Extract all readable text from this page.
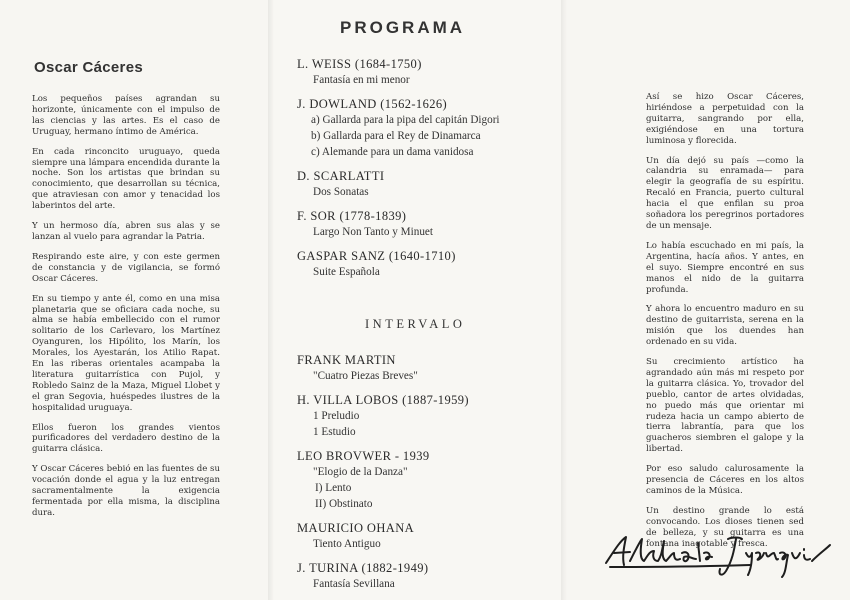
Oscar Cáceres

Los pequeños países agrandan su horizonte, únicamente con el impulso de las ciencias y las artes. Es el caso de Uruguay, hermano íntimo de América.

En cada rinconcito uruguayo, queda siempre una lámpara encendida durante la noche. Son los artistas que brindan su conocimiento, que desarrollan su técnica, que atraviesan con amor y tenacidad los laberintos del arte.

Y un hermoso día, abren sus alas y se lanzan al vuelo para agrandar la Patria.

Respirando este aire, y con este germen de constancia y de vigilancia, se formó Oscar Cáceres.

En su tiempo y ante él, como en una misa planetaria que se oficiara cada noche, su alma se había embellecido con el rumor solitario de los Carlevaro, los Martínez Oyanguren, los Hipólito, los Marín, los Morales, los Ayestarán, los Atilio Rapat. En las riberas orientales acampaba la literatura guitarrística con Pujol, y Robledo Sainz de la Maza, Miguel Llobet y el gran Segovia, huéspedes ilustres de la hospitalidad uruguaya.

Ellos fueron los grandes vientos purificadores del verdadero destino de la guitarra clásica.

Y Oscar Cáceres bebió en las fuentes de su vocación donde el agua y la luz entregan sacramentalmente la exigencia fermentada por ella misma, la disciplina dura.

PROGRAMA
L. WEISS (1684-1750)
Fantasía en mi menor
J. DOWLAND (1562-1626)
a) Gallarda para la pipa del capitán Digori
b) Gallarda para el Rey de Dinamarca
c) Alemande para un dama vanidosa
D. SCARLATTI
Dos Sonatas
F. SOR (1778-1839)
Largo Non Tanto y Minuet
GASPAR SANZ (1640-1710)
Suite Española
INTERVALO
FRANK MARTIN
"Cuatro Piezas Breves"
H. VILLA LOBOS (1887-1959)
1 Preludio
1 Estudio
LEO BROVWER - 1939
"Elogio de la Danza"
I) Lento
II) Obstinato
MAURICIO OHANA
Tiento Antiguo
J. TURINA (1882-1949)
Fantasía Sevillana

Así se hizo Oscar Cáceres, hiriéndose a perpetuidad con la guitarra, sangrando por ella, exigiéndose en una tortura luminosa y florecida.

Un día dejó su país —como la calandria su enramada— para elegir la geografía de su espíritu. Recaló en Francia, puerto cultural hacia el que enfilan su proa soñadora los peregrinos portadores de un mensaje.

Lo había escuchado en mi país, la Argentina, hacía años. Y antes, en el suyo. Siempre encontré en sus manos el nido de la guitarra profunda.

Y ahora lo encuentro maduro en su destino de guitarrista, serena en la misión que los duendes han ordenado en su vida.

Su crecimiento artístico ha agrandado aún más mi respeto por la guitarra clásica. Yo, trovador del pueblo, cantor de artes olvidadas, no puedo más que orientar mi rudeza hacia un campo abierto de tierra labrantía, para que los guacheros siembren el galope y la libertad.

Por eso saludo calurosamente la presencia de Cáceres en los altos caminos de la Música.

Un destino grande lo está convocando. Los dioses tienen sed de belleza, y su guitarra es una fontana inagotable y fresca.
